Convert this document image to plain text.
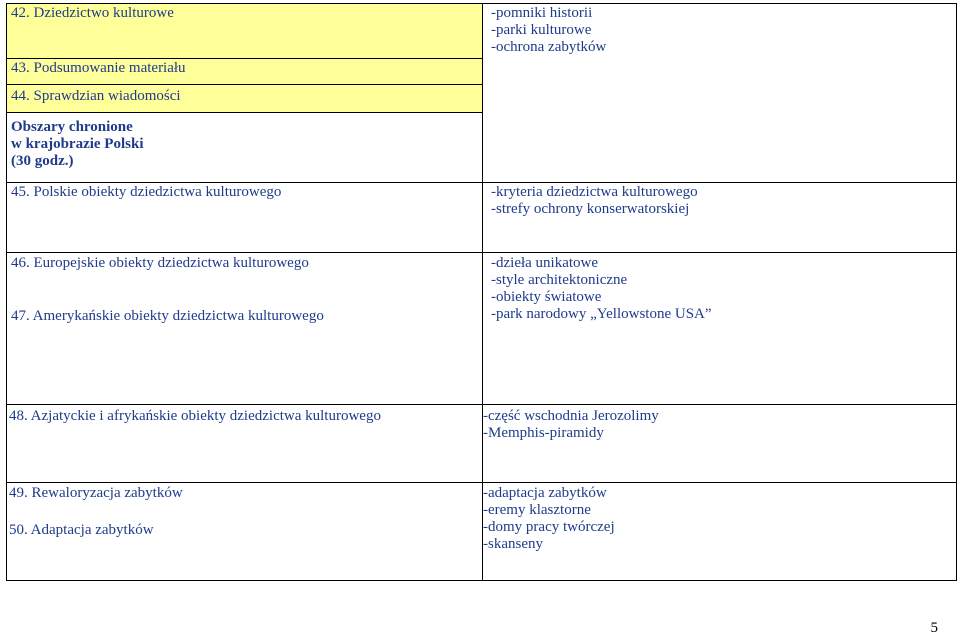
42. Dziedzictwo kulturowe	-pomniki historii
-parki kulturowe
-ochrona zabytków

43. Podsumowanie materiału	

44. Sprawdzian wiadomości	

Obszary chronione
w krajobrazie Polski
(30 godz.)	

45. Polskie obiekty dziedzictwa kulturowego	-kryteria dziedzictwa kulturowego
-strefy ochrony konserwatorskiej

46. Europejskie obiekty dziedzictwa kulturowego
47. Amerykańskie obiekty dziedzictwa kulturowego	-dzieła unikatowe
-style architektoniczne
-obiekty światowe
-park narodowy „Yellowstone USA”

48. Azjatyckie i afrykańskie obiekty dziedzictwa kulturowego	-część wschodnia Jerozolimy
-Memphis-piramidy

49. Rewaloryzacja zabytków
50. Adaptacja zabytków	-adaptacja zabytków
-eremy klasztorne
-domy pracy twórczej
-skanseny
5
